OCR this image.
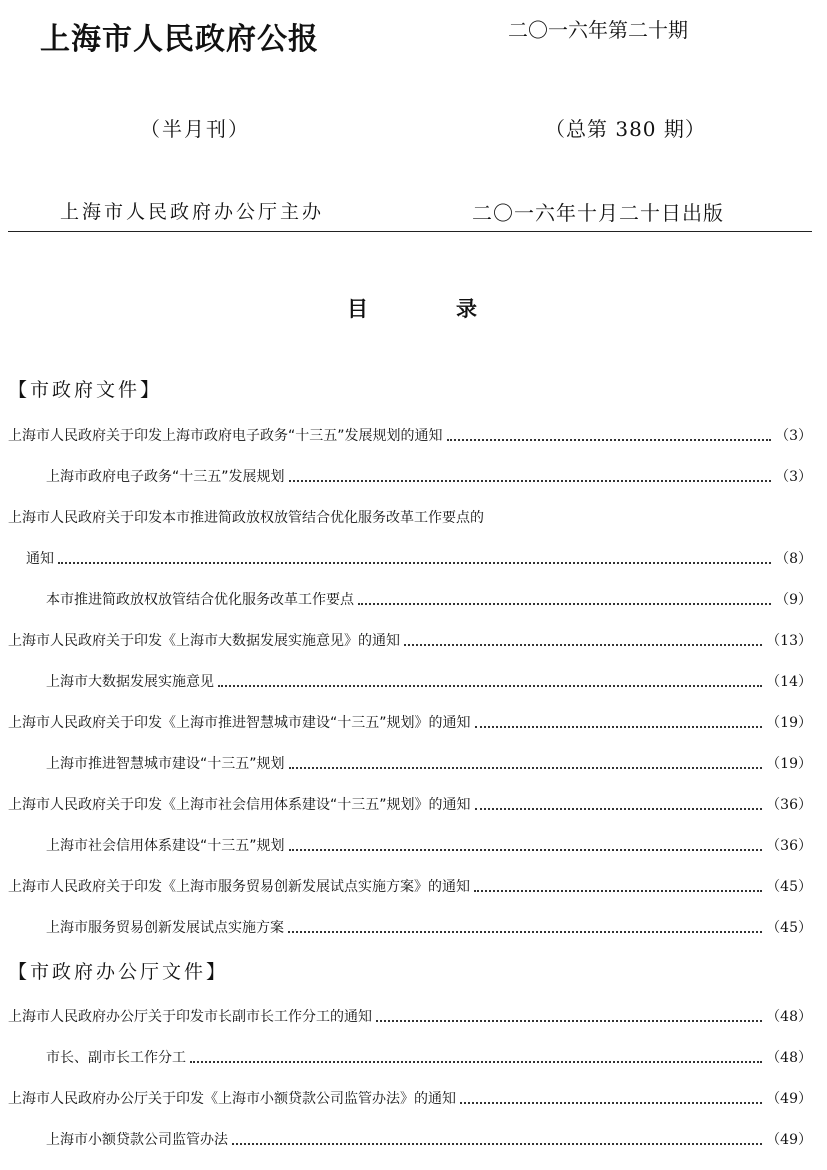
上海市人民政府公报	二〇一六年第二十期
（半月刊）	（总第 380 期）
上海市人民政府办公厅主办	二〇一六年十月二十日出版
目	录
【市政府文件】
上海市人民政府关于印发上海市政府电子政务“十三五”发展规划的通知	（3）
上海市政府电子政务“十三五”发展规划	（3）
上海市人民政府关于印发本市推进简政放权放管结合优化服务改革工作要点的
通知	（8）
本市推进简政放权放管结合优化服务改革工作要点	（9）
上海市人民政府关于印发《上海市大数据发展实施意见》的通知	（13）
上海市大数据发展实施意见	（14）
上海市人民政府关于印发《上海市推进智慧城市建设“十三五”规划》的通知	（19）
上海市推进智慧城市建设“十三五”规划	（19）
上海市人民政府关于印发《上海市社会信用体系建设“十三五”规划》的通知	（36）
上海市社会信用体系建设“十三五”规划	（36）
上海市人民政府关于印发《上海市服务贸易创新发展试点实施方案》的通知	（45）
上海市服务贸易创新发展试点实施方案	（45）
【市政府办公厅文件】
上海市人民政府办公厅关于印发市长副市长工作分工的通知	（48）
市长、副市长工作分工	（48）
上海市人民政府办公厅关于印发《上海市小额贷款公司监管办法》的通知	（49）
上海市小额贷款公司监管办法	（49）
